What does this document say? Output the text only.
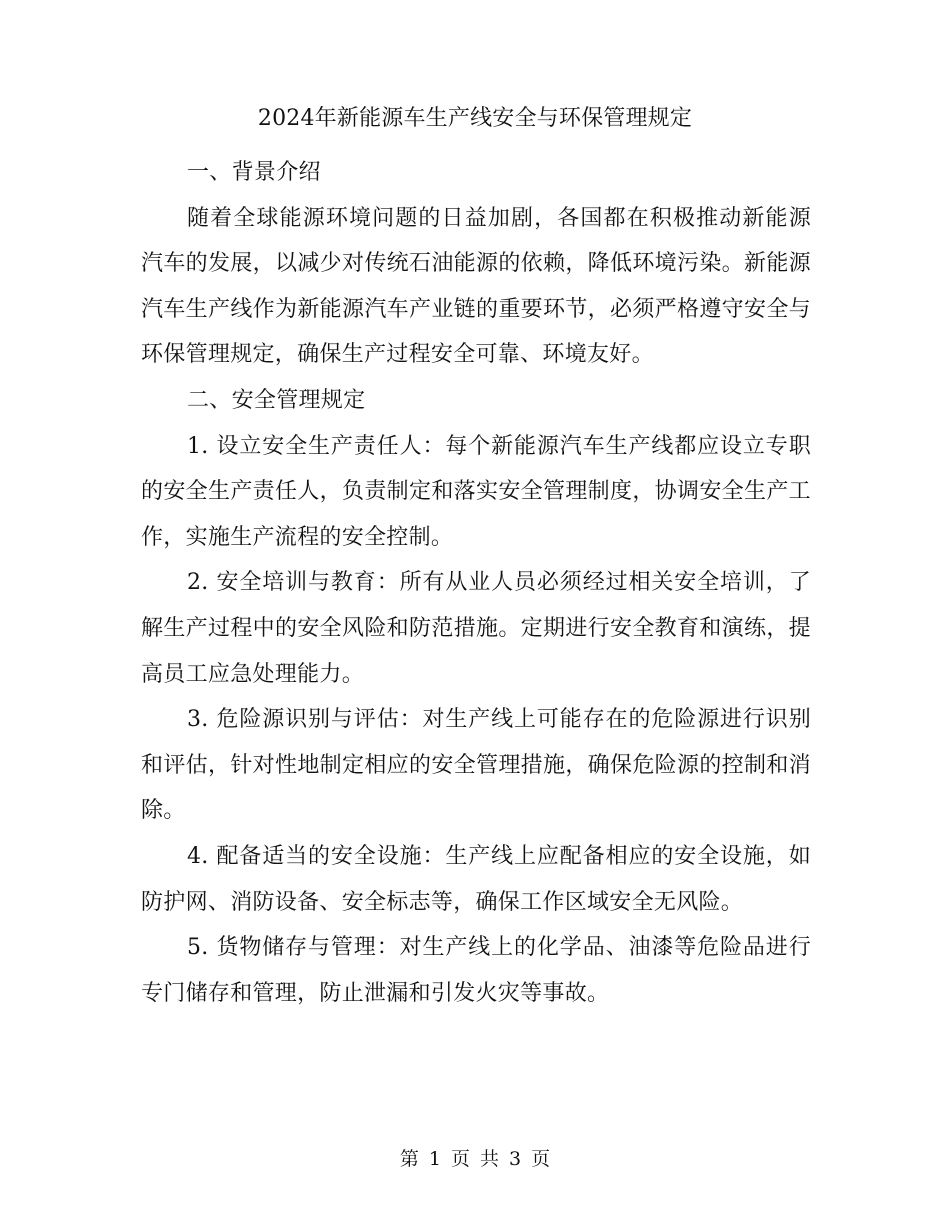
2024年新能源车生产线安全与环保管理规定

一、背景介绍

随着全球能源环境问题的日益加剧，各国都在积极推动新能源汽车的发展，以减少对传统石油能源的依赖，降低环境污染。新能源汽车生产线作为新能源汽车产业链的重要环节，必须严格遵守安全与环保管理规定，确保生产过程安全可靠、环境友好。

二、安全管理规定

1. 设立安全生产责任人：每个新能源汽车生产线都应设立专职的安全生产责任人，负责制定和落实安全管理制度，协调安全生产工作，实施生产流程的安全控制。

2. 安全培训与教育：所有从业人员必须经过相关安全培训，了解生产过程中的安全风险和防范措施。定期进行安全教育和演练，提高员工应急处理能力。

3. 危险源识别与评估：对生产线上可能存在的危险源进行识别和评估，针对性地制定相应的安全管理措施，确保危险源的控制和消除。

4. 配备适当的安全设施：生产线上应配备相应的安全设施，如防护网、消防设备、安全标志等，确保工作区域安全无风险。

5. 货物储存与管理：对生产线上的化学品、油漆等危险品进行专门储存和管理，防止泄漏和引发火灾等事故。

第 1 页 共 3 页
